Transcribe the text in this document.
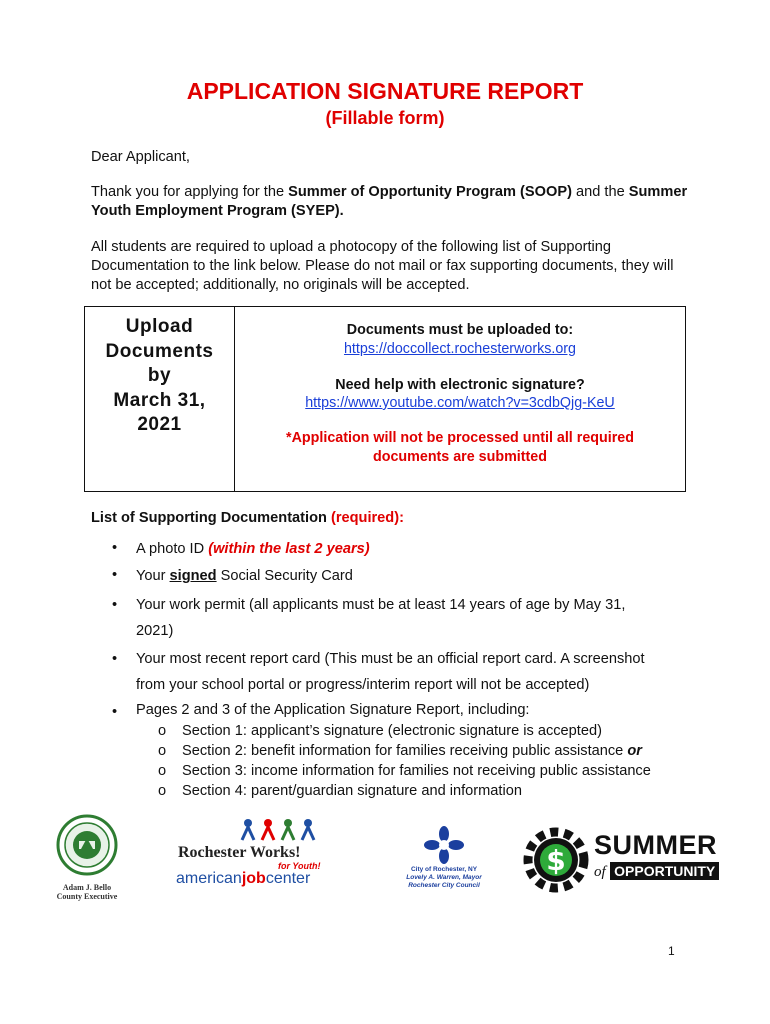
APPLICATION SIGNATURE REPORT
(Fillable form)
Dear Applicant,
Thank you for applying for the Summer of Opportunity Program (SOOP) and the Summer Youth Employment Program (SYEP).
All students are required to upload a photocopy of the following list of Supporting Documentation to the link below. Please do not mail or fax supporting documents, they will not be accepted; additionally, no originals will be accepted.
Upload
Documents
by
March 31,
2021
Documents must be uploaded to:
https://doccollect.rochesterworks.org
Need help with electronic signature?
https://www.youtube.com/watch?v=3cdbQjg-KeU
*Application will not be processed until all required
documents are submitted
List of Supporting Documentation (required):
• A photo ID (within the last 2 years)
• Your signed Social Security Card
• Your work permit (all applicants must be at least 14 years of age by May 31,
2021)
• Your most recent report card (This must be an official report card. A screenshot
from your school portal or progress/interim report will not be accepted)
• Pages 2 and 3 of the Application Signature Report, including:
o Section 1: applicant’s signature (electronic signature is accepted)
o Section 2: benefit information for families receiving public assistance or
o Section 3: income information for families not receiving public assistance
o Section 4: parent/guardian signature and information
Adam J. Bello
County Executive
Rochester Works!
for Youth!
americanjobcenter
City of Rochester, NY
Lovely A. Warren, Mayor
Rochester City Council
$ SUMMER
of OPPORTUNITY
1
